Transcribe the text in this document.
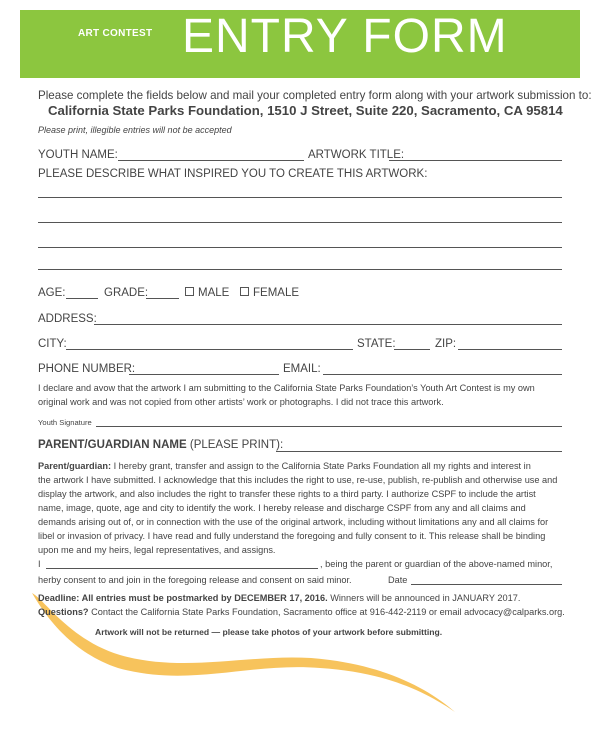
ART CONTEST ENTRY FORM
Please complete the fields below and mail your completed entry form along with your artwork submission to:
California State Parks Foundation, 1510 J Street, Suite 220, Sacramento, CA 95814
Please print, illegible entries will not be accepted
YOUTH NAME:	ARTWORK TITLE:
PLEASE DESCRIBE WHAT INSPIRED YOU TO CREATE THIS ARTWORK:
AGE:	GRADE:	MALE	FEMALE
ADDRESS:
CITY:	STATE:	ZIP:
PHONE NUMBER:	EMAIL:
I declare and avow that the artwork I am submitting to the California State Parks Foundation’s Youth Art Contest is my own
original work and was not copied from other artists’ work or photographs. I did not trace this artwork.
Youth Signature
PARENT/GUARDIAN NAME (PLEASE PRINT):
Parent/guardian: I hereby grant, transfer and assign to the California State Parks Foundation all my rights and interest in
the artwork I have submitted. I acknowledge that this includes the right to use, re-use, publish, re-publish and otherwise use and
display the artwork, and also includes the right to transfer these rights to a third party. I authorize CSPF to include the artist
name, image, quote, age and city to identify the work. I hereby release and discharge CSPF from any and all claims and
demands arising out of, or in connection with the use of the original artwork, including without limitations any and all claims for
libel or invasion of privacy. I have read and fully understand the foregoing and fully consent to it. This release shall be binding
upon me and my heirs, legal representatives, and assigns.
I	, being the parent or guardian of the above-named minor,
herby consent to and join in the foregoing release and consent on said minor.	Date
Deadline: All entries must be postmarked by DECEMBER 17, 2016. Winners will be announced in JANUARY 2017.
Questions? Contact the California State Parks Foundation, Sacramento office at 916-442-2119 or email advocacy@calparks.org.
Artwork will not be returned — please take photos of your artwork before submitting.
